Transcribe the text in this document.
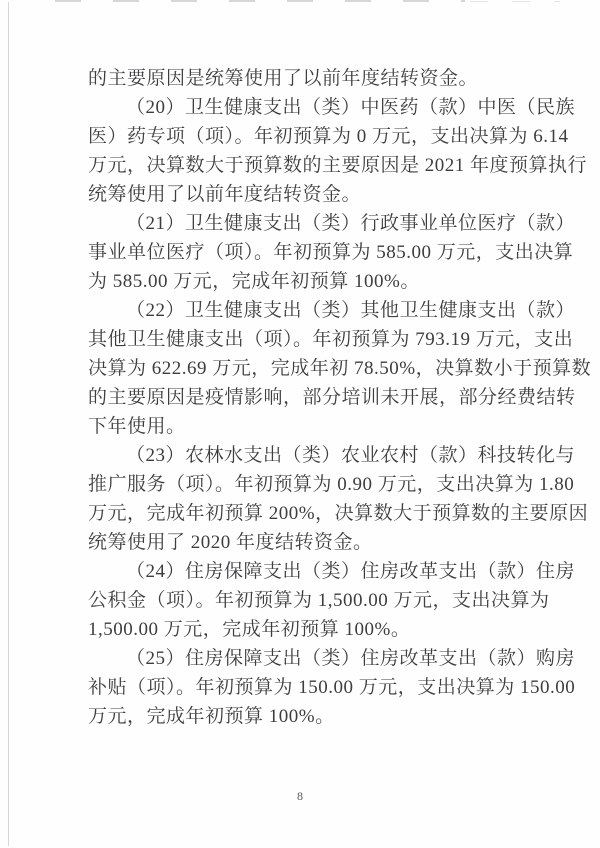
的主要原因是统筹使用了以前年度结转资金。
（20）卫生健康支出（类）中医药（款）中医（民族
医）药专项（项）。年初预算为 0 万元，支出决算为 6.14
万元，决算数大于预算数的主要原因是 2021 年度预算执行
统筹使用了以前年度结转资金。
（21）卫生健康支出（类）行政事业单位医疗（款）
事业单位医疗（项）。年初预算为 585.00 万元，支出决算
为 585.00 万元，完成年初预算 100%。
（22）卫生健康支出（类）其他卫生健康支出（款）
其他卫生健康支出（项）。年初预算为 793.19 万元，支出
决算为 622.69 万元，完成年初 78.50%，决算数小于预算数
的主要原因是疫情影响，部分培训未开展，部分经费结转
下年使用。
（23）农林水支出（类）农业农村（款）科技转化与
推广服务（项）。年初预算为 0.90 万元，支出决算为 1.80
万元，完成年初预算 200%，决算数大于预算数的主要原因
统筹使用了 2020 年度结转资金。
（24）住房保障支出（类）住房改革支出（款）住房
公积金（项）。年初预算为 1,500.00 万元，支出决算为
1,500.00 万元，完成年初预算 100%。
（25）住房保障支出（类）住房改革支出（款）购房
补贴（项）。年初预算为 150.00 万元，支出决算为 150.00
万元，完成年初预算 100%。
8
